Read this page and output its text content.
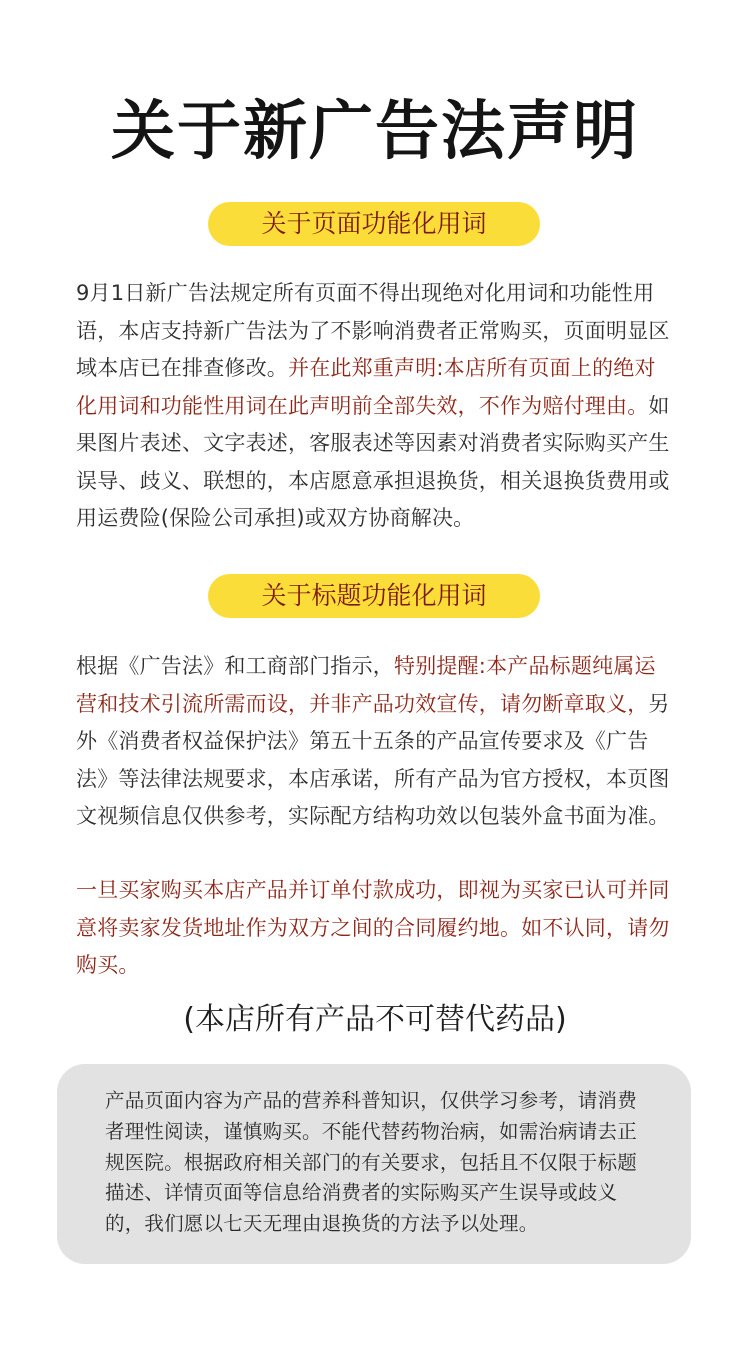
关于新广告法声明
关于页面功能化用词

9月1日新广告法规定所有页面不得出现绝对化用词和功能性用语，本店支持新广告法为了不影响消费者正常购买，页面明显区域本店已在排查修改。并在此郑重声明:本店所有页面上的绝对化用词和功能性用词在此声明前全部失效，不作为赔付理由。如果图片表述、文字表述，客服表述等因素对消费者实际购买产生误导、歧义、联想的，本店愿意承担退换货，相关退换货费用或用运费险(保险公司承担)或双方协商解决。

关于标题功能化用词

根据《广告法》和工商部门指示，特别提醒:本产品标题纯属运营和技术引流所需而设，并非产品功效宣传，请勿断章取义，另外《消费者权益保护法》第五十五条的产品宣传要求及《广告法》等法律法规要求，本店承诺，所有产品为官方授权，本页图文视频信息仅供参考，实际配方结构功效以包装外盒书面为准。

一旦买家购买本店产品并订单付款成功，即视为买家已认可并同意将卖家发货地址作为双方之间的合同履约地。如不认同，请勿购买。

(本店所有产品不可替代药品)

产品页面内容为产品的营养科普知识，仅供学习参考，请消费者理性阅读，谨慎购买。不能代替药物治病，如需治病请去正规医院。根据政府相关部门的有关要求，包括且不仅限于标题描述、详情页面等信息给消费者的实际购买产生误导或歧义的，我们愿以七天无理由退换货的方法予以处理。
